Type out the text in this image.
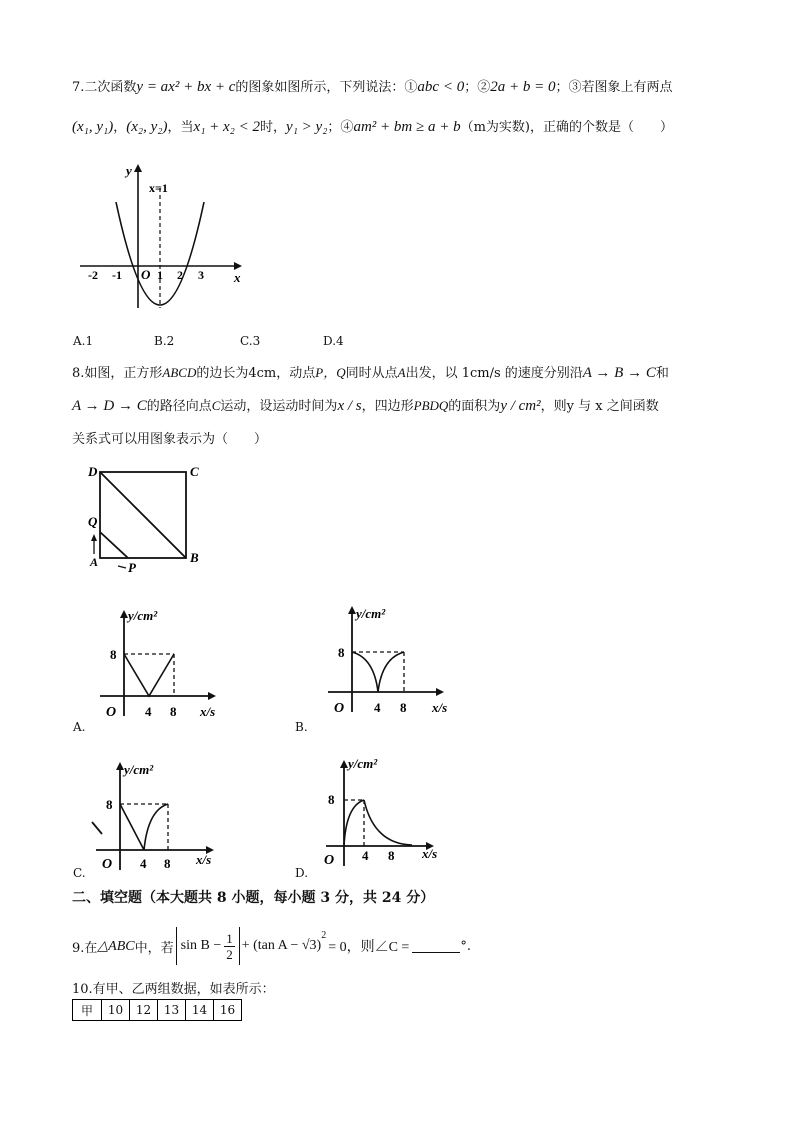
7.二次函数y = ax² + bx + c的图象如图所示，下列说法：①abc < 0；②2a + b = 0；③若图象上有两点
(x₁, y₁)，(x₂, y₂)，当x₁ + x₂ < 2时，y₁ > y₂；④am² + bm ≥ a + b（m为实数)，正确的个数是（　　）
y
x
x=1
O
-2 -1	1 2 3
A.1	B.2	C.3	D.4
8.如图，正方形ABCD的边长为4cm，动点P，Q同时从点A出发，以 1cm/s 的速度分别沿A → B → C和
A → D → C的路径向点C运动，设运动时间为x / s，四边形PBDQ的面积为y / cm²，则y 与 x 之间函数
关系式可以用图象表示为（　　）
D	C
Q
A P
B
y/cm²
8
O 4 8 x/s
A.
y/cm²
8
O 4 8 x/s
B.
y/cm²
8
O 4 8 x/s
C.
y/cm²
8
O 4 8 x/s
D.
二、填空题（本大题共 8 小题，每小题 3 分，共 24 分）
9.在 △ABC 中，若 $\sin B - \frac{1}{2} + (\tan$ A − √3)
$^2$
= 0，则∠C =	°.
10.有甲、乙两组数据，如表所示：
甲	10	12	13	14	16
